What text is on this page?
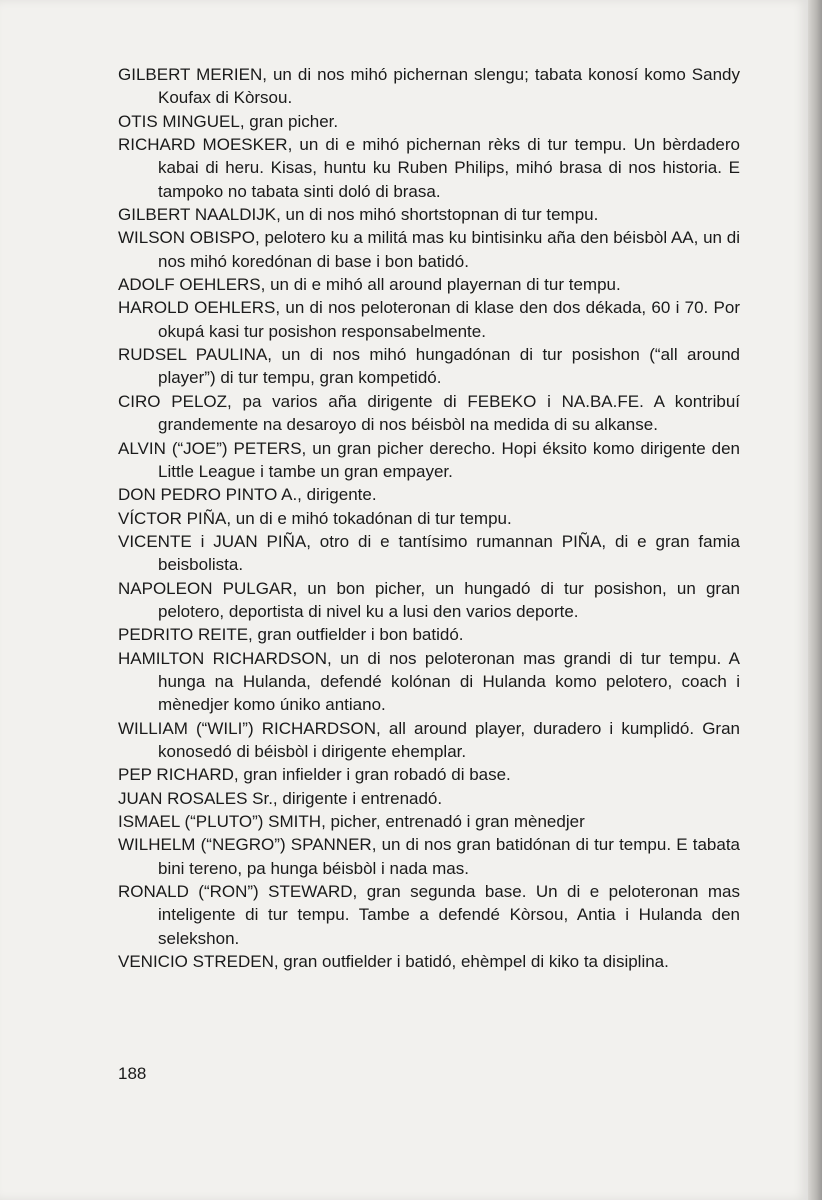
GILBERT MERIEN, un di nos mihó pichernan slengu; tabata konosí komo Sandy Koufax di Kòrsou.

OTIS MINGUEL, gran picher.

RICHARD MOESKER, un di e mihó pichernan rèks di tur tempu. Un bèrdadero kabai di heru. Kisas, huntu ku Ruben Philips, mihó brasa di nos historia. E tampoko no tabata sinti doló di brasa.

GILBERT NAALDIJK, un di nos mihó shortstopnan di tur tempu.

WILSON OBISPO, pelotero ku a militá mas ku bintisinku aña den béisbòl AA, un di nos mihó koredónan di base i bon batidó.

ADOLF OEHLERS, un di e mihó all around playernan di tur tempu.

HAROLD OEHLERS, un di nos peloteronan di klase den dos dékada, 60 i 70. Por okupá kasi tur posishon responsabelmente.

RUDSEL PAULINA, un di nos mihó hungadónan di tur posishon (“all around player”) di tur tempu, gran kompetidó.

CIRO PELOZ, pa varios aña dirigente di FEBEKO i NA.BA.FE. A kontribuí grandemente na desaroyo di nos béisbòl na medida di su alkanse.

ALVIN (“JOE”) PETERS, un gran picher derecho. Hopi éksito komo dirigente den Little League i tambe un gran empayer.

DON PEDRO PINTO A., dirigente.

VÍCTOR PIÑA, un di e mihó tokadónan di tur tempu.

VICENTE i JUAN PIÑA, otro di e tantísimo rumannan PIÑA, di e gran famia beisbolista.

NAPOLEON PULGAR, un bon picher, un hungadó di tur posishon, un gran pelotero, deportista di nivel ku a lusi den varios deporte.

PEDRITO REITE, gran outfielder i bon batidó.

HAMILTON RICHARDSON, un di nos peloteronan mas grandi di tur tempu. A hunga na Hulanda, defendé kolónan di Hulanda komo pelotero, coach i mènedjer komo úniko antiano.

WILLIAM (“WILI”) RICHARDSON, all around player, duradero i kumplidó. Gran konosedó di béisbòl i dirigente ehemplar.

PEP RICHARD, gran infielder i gran robadó di base.

JUAN ROSALES Sr., dirigente i entrenadó.

ISMAEL (“PLUTO”) SMITH, picher, entrenadó i gran mènedjer

WILHELM (“NEGRO”) SPANNER, un di nos gran batidónan di tur tempu. E tabata bini tereno, pa hunga béisbòl i nada mas.

RONALD (“RON”) STEWARD, gran segunda base. Un di e peloteronan mas inteligente di tur tempu. Tambe a defendé Kòrsou, Antia i Hulanda den selekshon.

VENICIO STREDEN, gran outfielder i batidó, ehèmpel di kiko ta disiplina.

188
